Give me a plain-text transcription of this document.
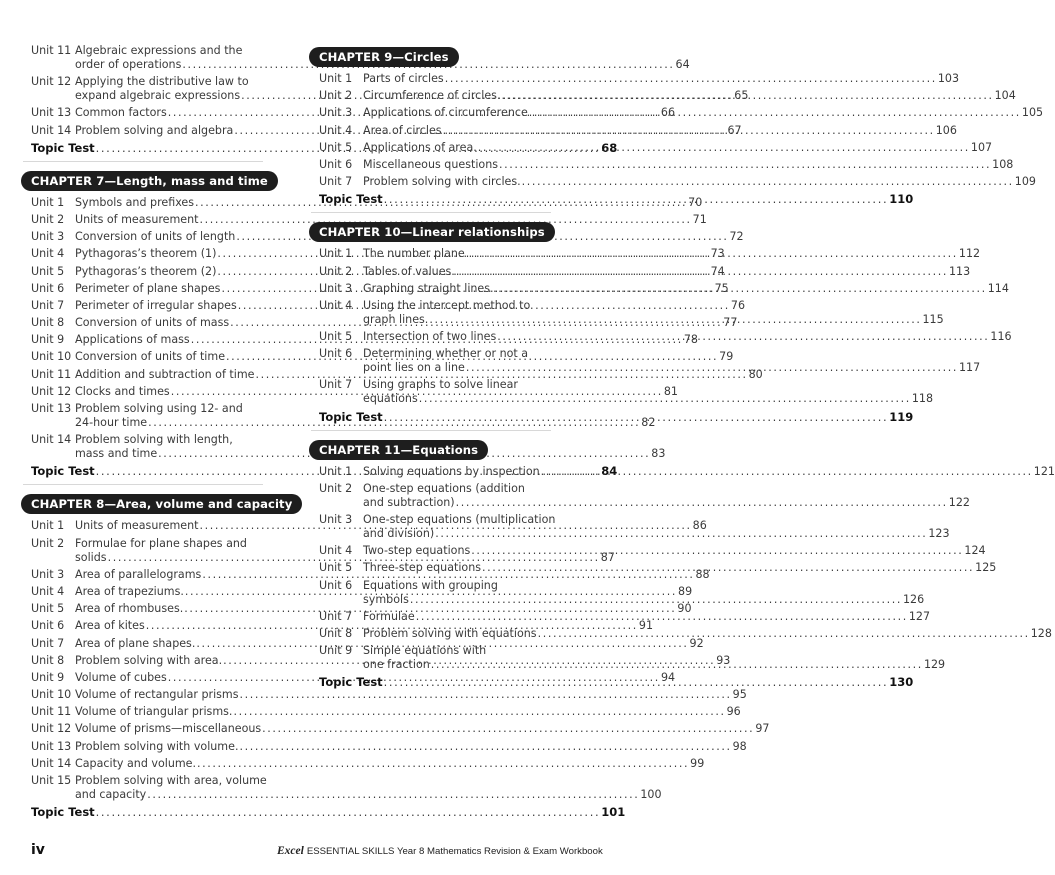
Unit 11 Algebraic expressions and the
order of operations .....	64
Unit 12 Applying the distributive law to
expand algebraic expressions .....	65
Unit 13 Common factors .....	66
Unit 14 Problem solving and algebra .....	67
Topic Test .....	68
CHAPTER 7—Length, mass and time
Unit 1 Symbols and prefixes .....	70
Unit 2 Units of measurement .....	71
Unit 3 Conversion of units of length .....	72
Unit 4 Pythagoras’s theorem (1) .....	73
Unit 5 Pythagoras’s theorem (2) .....	74
Unit 6 Perimeter of plane shapes .....	75
Unit 7 Perimeter of irregular shapes .....	76
Unit 8 Conversion of units of mass .....	77
Unit 9 Applications of mass .....	78
Unit 10 Conversion of units of time .....	79
Unit 11 Addition and subtraction of time .....	80
Unit 12 Clocks and times .....	81
Unit 13 Problem solving using 12- and
24-hour time .....	82
Unit 14 Problem solving with length,
mass and time .....	83
Topic Test .....	84
CHAPTER 8—Area, volume and capacity
Unit 1 Units of measurement .....	86
Unit 2 Formulae for plane shapes and
solids .....	87
Unit 3 Area of parallelograms .....	88
Unit 4 Area of trapeziums. .....	89
Unit 5 Area of rhombuses. .....	90
Unit 6 Area of kites .....	91
Unit 7 Area of plane shapes. .....	92
Unit 8 Problem solving with area. .....	93
Unit 9 Volume of cubes .....	94
Unit 10 Volume of rectangular prisms .....	95
Unit 11 Volume of triangular prisms. .....	96
Unit 12 Volume of prisms—miscellaneous .....	97
Unit 13 Problem solving with volume. .....	98
Unit 14 Capacity and volume. .....	99
Unit 15 Problem solving with area, volume
and capacity .....	100
Topic Test .....	101
CHAPTER 9—Circles
Unit 1 Parts of circles .....	103
Unit 2 Circumference of circles. .....	104
Unit 3 Applications of circumference .....	105
Unit 4 Area of circles .....	106
Unit 5 Applications of area. .....	107
Unit 6 Miscellaneous questions .....	108
Unit 7 Problem solving with circles. .....	109
Topic Test .....	110
CHAPTER 10—Linear relationships
Unit 1 The number plane .....	112
Unit 2 Tables of values. .....	113
Unit 3 Graphing straight lines. .....	114
Unit 4 Using the intercept method to
graph lines. .....	115
Unit 5 Intersection of two lines .....	116
Unit 6 Determining whether or not a
point lies on a line .....	117
Unit 7 Using graphs to solve linear
equations .....	118
Topic Test .....	119
CHAPTER 11—Equations
Unit 1 Solving equations by inspection .....	121
Unit 2 One-step equations (addition
and subtraction) .....	122
Unit 3 One-step equations (multiplication
and division) .....	123
Unit 4 Two-step equations .....	124
Unit 5 Three-step equations .....	125
Unit 6 Equations with grouping
symbols .....	126
Unit 7 Formulae .....	127
Unit 8 Problem solving with equations .....	128
Unit 9 Simple equations with
one fraction .....	129
Topic Test .....	130
iv	Excel ESSENTIAL SKILLS Year 8 Mathematics Revision & Exam Workbook
